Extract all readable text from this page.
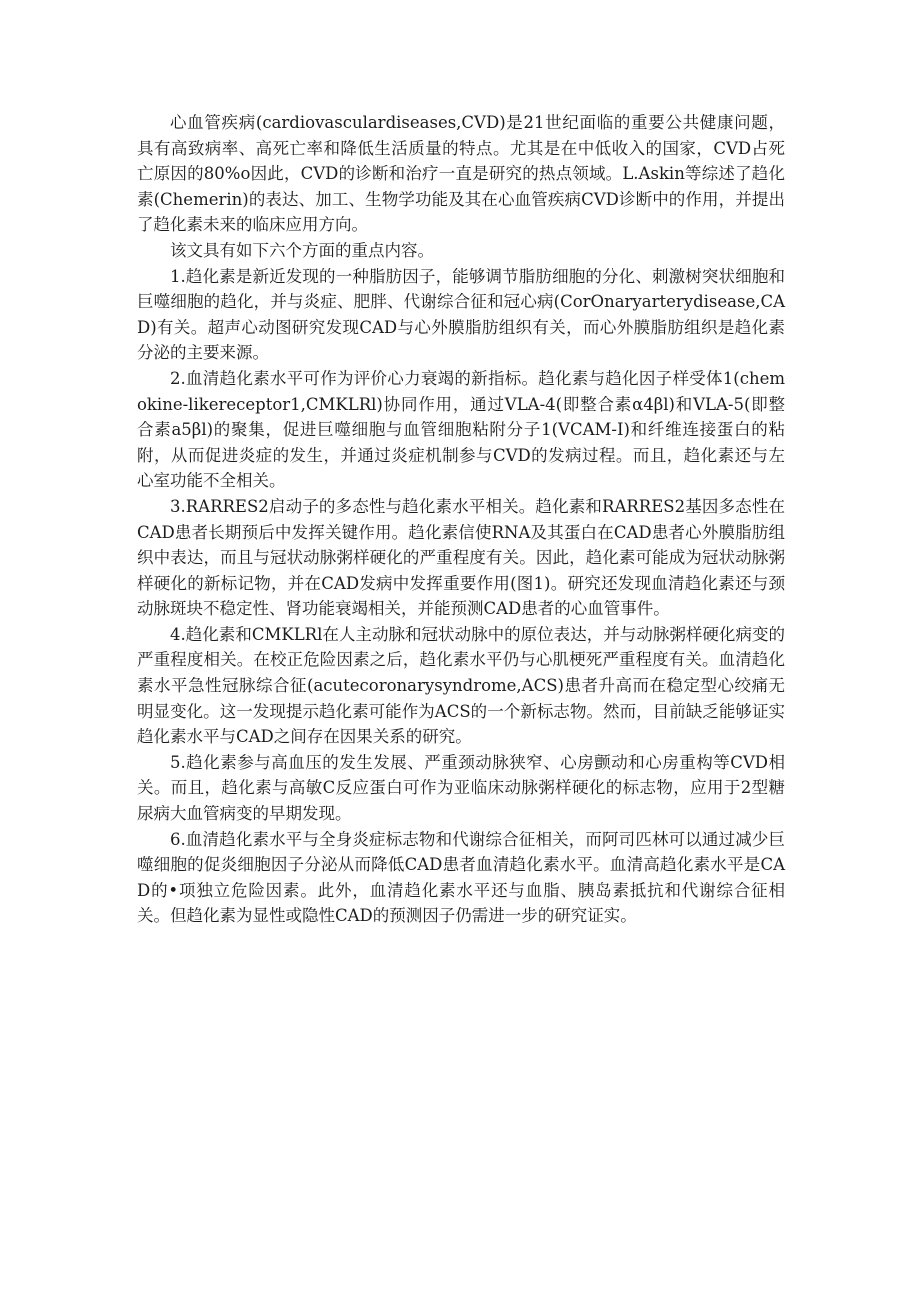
心血管疾病(cardiovasculardiseases,CVD)是21世纪面临的重要公共健康问题，具有高致病率、高死亡率和降低生活质量的特点。尤其是在中低收入的国家，CVD占死亡原因的80%o因此，CVD的诊断和治疗一直是研究的热点领域。L.Askin等综述了趋化素(Chemerin)的表达、加工、生物学功能及其在心血管疾病CVD诊断中的作用，并提出了趋化素未来的临床应用方向。

该文具有如下六个方面的重点内容。

1.趋化素是新近发现的一种脂肪因子，能够调节脂肪细胞的分化、刺激树突状细胞和巨噬细胞的趋化，并与炎症、肥胖、代谢综合征和冠心病(CorOnaryarterydisease,CAD)有关。超声心动图研究发现CAD与心外膜脂肪组织有关，而心外膜脂肪组织是趋化素分泌的主要来源。

2.血清趋化素水平可作为评价心力衰竭的新指标。趋化素与趋化因子样受体1(chemokine-likereceptor1,CMKLRl)协同作用，通过VLA-4(即整合素α4βl)和VLA-5(即整合素a5βl)的聚集，促进巨噬细胞与血管细胞粘附分子1(VCAM-I)和纤维连接蛋白的粘附，从而促进炎症的发生，并通过炎症机制参与CVD的发病过程。而且，趋化素还与左心室功能不全相关。

3.RARRES2启动子的多态性与趋化素水平相关。趋化素和RARRES2基因多态性在CAD患者长期预后中发挥关键作用。趋化素信使RNA及其蛋白在CAD患者心外膜脂肪组织中表达，而且与冠状动脉粥样硬化的严重程度有关。因此，趋化素可能成为冠状动脉粥样硬化的新标记物，并在CAD发病中发挥重要作用(图1)。研究还发现血清趋化素还与颈动脉斑块不稳定性、肾功能衰竭相关，并能预测CAD患者的心血管事件。

4.趋化素和CMKLRl在人主动脉和冠状动脉中的原位表达，并与动脉粥样硬化病变的严重程度相关。在校正危险因素之后，趋化素水平仍与心肌梗死严重程度有关。血清趋化素水平急性冠脉综合征(acutecoronarysyndrome,ACS)患者升高而在稳定型心绞痛无明显变化。这一发现提示趋化素可能作为ACS的一个新标志物。然而，目前缺乏能够证实趋化素水平与CAD之间存在因果关系的研究。

5.趋化素参与高血压的发生发展、严重颈动脉狭窄、心房颤动和心房重构等CVD相关。而且，趋化素与高敏C反应蛋白可作为亚临床动脉粥样硬化的标志物，应用于2型糖尿病大血管病变的早期发现。

6.血清趋化素水平与全身炎症标志物和代谢综合征相关，而阿司匹林可以通过减少巨噬细胞的促炎细胞因子分泌从而降低CAD患者血清趋化素水平。血清高趋化素水平是CAD的•项独立危险因素。此外，血清趋化素水平还与血脂、胰岛素抵抗和代谢综合征相关。但趋化素为显性或隐性CAD的预测因子仍需进一步的研究证实。
